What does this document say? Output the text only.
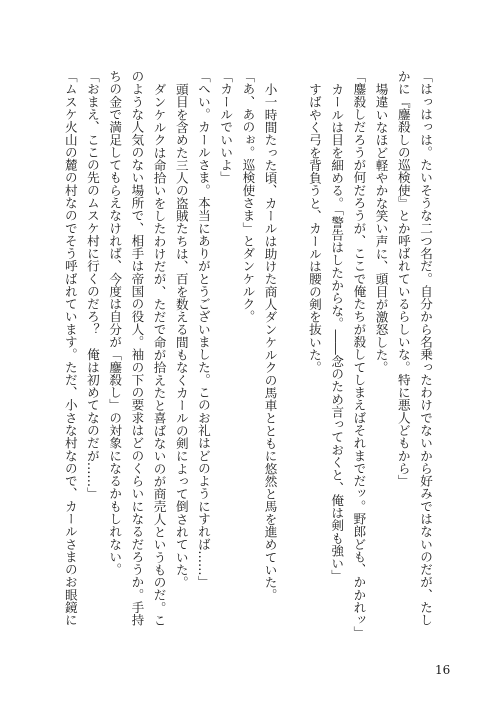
「はっはっは。たいそうな二つ名だ。自分から名乗ったわけでないから好みではないのだが、たし
かに『鏖殺しの巡検使』とか呼ばれているらしいな。特に悪人どもから」
場違いなほど軽やかな笑い声に、頭目が激怒した。
「鏖殺しだろうが何だろうが、ここで俺たちが殺してしまえばそれまでだッ。野郎ども、かかれッ」
カールは目を細める。「警告はしたからな。――念のため言っておくと、俺は剣も強い」
すばやく弓を背負うと、カールは腰の剣を抜いた。
小一時間たった頃、カールは助けた商人ダンケルクの馬車とともに悠然と馬を進めていた。
「あ、あのぉ。巡検使さま」とダンケルク。
「カールでいいよ」
「へい。カールさま。本当にありがとうございました。このお礼はどのようにすれば……」
頭目を含めた三人の盗賊たちは、百を数える間もなくカールの剣によって倒されていた。
ダンケルクは命拾いをしたわけだが、ただで命が拾えたと喜ばないのが商売人というものだ。こ
のような人気のない場所で、相手は帝国の役人。袖の下の要求はどのくらいになるだろうか。手持
ちの金で満足してもらえなければ、今度は自分が「鏖殺し」の対象になるかもしれない。
「おまえ、ここの先のムスケ村に行くのだろ？　俺は初めてなのだが……」
「ムスケ火山の麓の村なのでそう呼ばれています。ただ、小さな村なので、カールさまのお眼鏡に
16
